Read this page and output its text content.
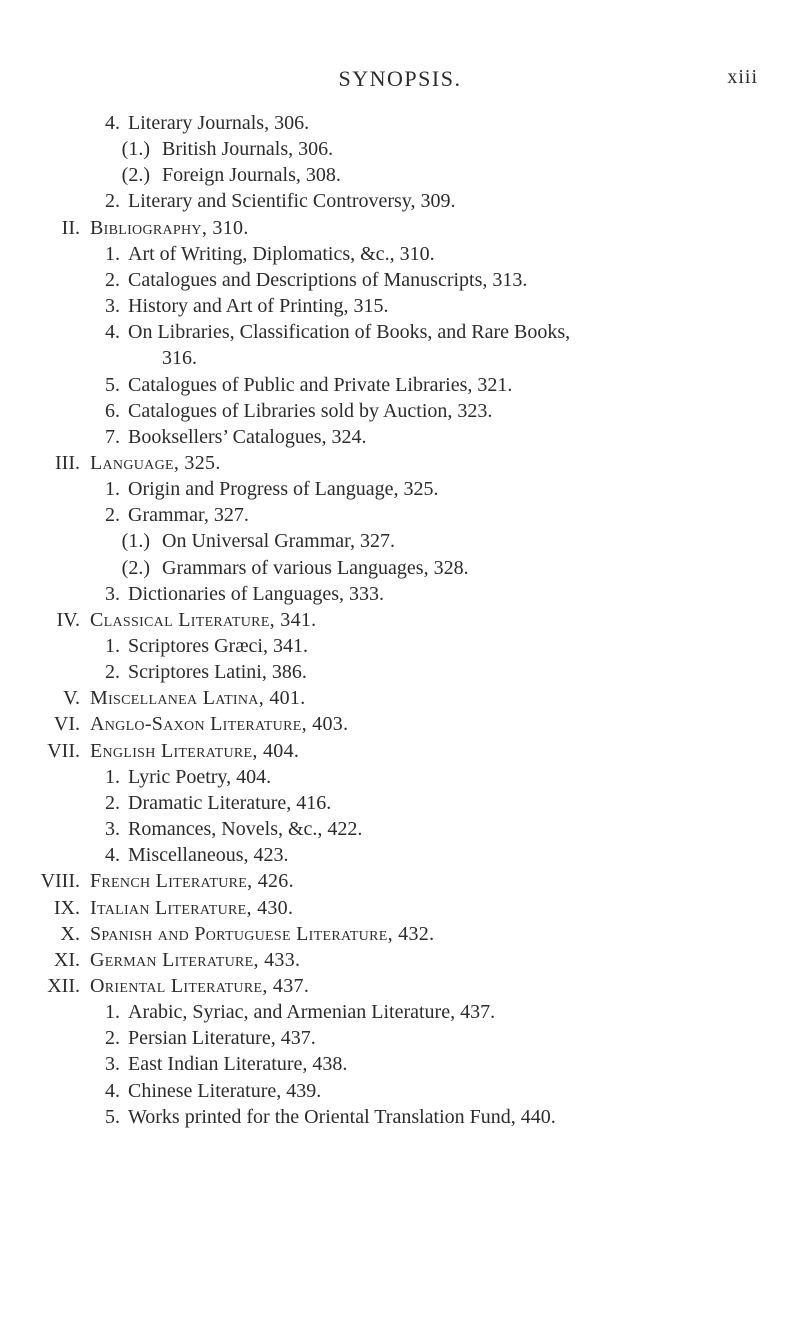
SYNOPSIS.	xiii
4. Literary Journals, 306.
(1.) British Journals, 306.
(2.) Foreign Journals, 308.
2. Literary and Scientific Controversy, 309.
II. Bibliography, 310.
1. Art of Writing, Diplomatics, &c., 310.
2. Catalogues and Descriptions of Manuscripts, 313.
3. History and Art of Printing, 315.
4. On Libraries, Classification of Books, and Rare Books,
316.
5. Catalogues of Public and Private Libraries, 321.
6. Catalogues of Libraries sold by Auction, 323.
7. Booksellers’ Catalogues, 324.
III. Language, 325.
1. Origin and Progress of Language, 325.
2. Grammar, 327.
(1.) On Universal Grammar, 327.
(2.) Grammars of various Languages, 328.
3. Dictionaries of Languages, 333.
IV. Classical Literature, 341.
1. Scriptores Græci, 341.
2. Scriptores Latini, 386.
V. Miscellanea Latina, 401.
VI. Anglo-Saxon Literature, 403.
VII. English Literature, 404.
1. Lyric Poetry, 404.
2. Dramatic Literature, 416.
3. Romances, Novels, &c., 422.
4. Miscellaneous, 423.
VIII. French Literature, 426.
IX. Italian Literature, 430.
X. Spanish and Portuguese Literature, 432.
XI. German Literature, 433.
XII. Oriental Literature, 437.
1. Arabic, Syriac, and Armenian Literature, 437.
2. Persian Literature, 437.
3. East Indian Literature, 438.
4. Chinese Literature, 439.
5. Works printed for the Oriental Translation Fund, 440.
